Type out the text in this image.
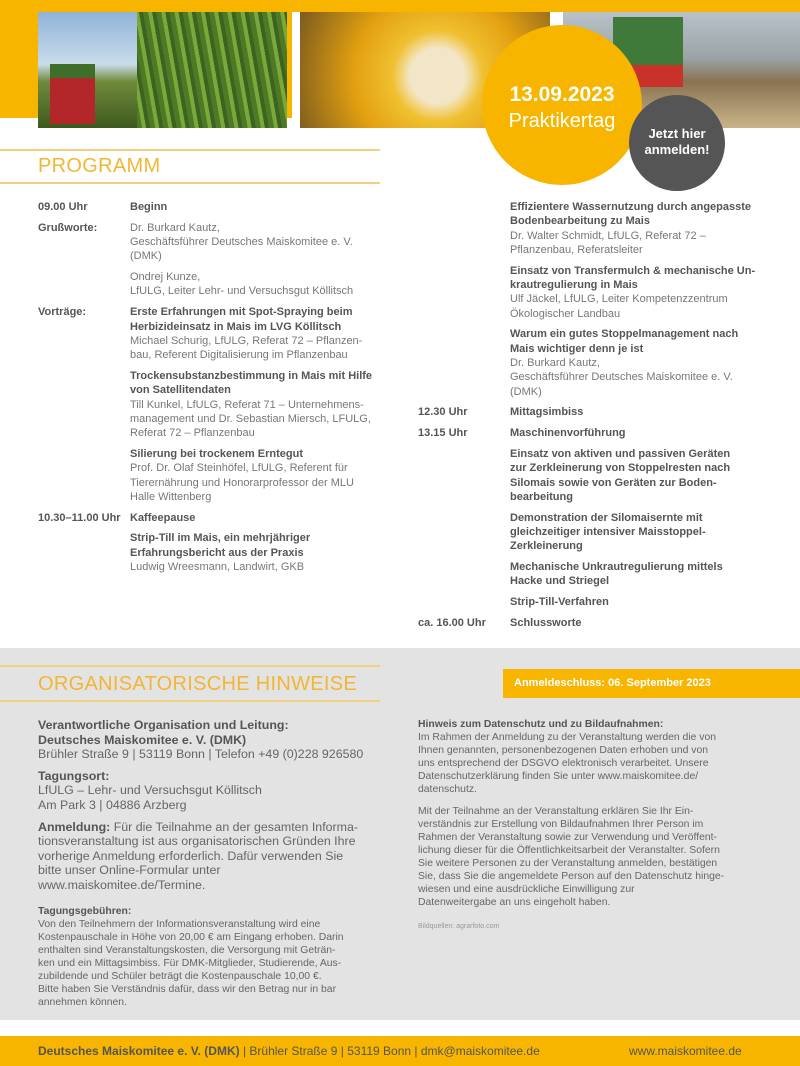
13.09.2023
Praktikertag
Jetzt hier
anmelden!
PROGRAMM
09.00 Uhr	Beginn
Grußworte:	Dr. Burkard Kautz,
Geschäftsführer Deutsches Maiskomitee e. V.
(DMK)
Ondrej Kunze,
LfULG, Leiter Lehr- und Versuchsgut Köllitsch
Vorträge:	Erste Erfahrungen mit Spot-Spraying beim
Herbizideinsatz in Mais im LVG Köllitsch
Michael Schurig, LfULG, Referat 72 – Pflanzen-
bau, Referent Digitalisierung im Pflanzenbau
Trockensubstanzbestimmung in Mais mit Hilfe
von Satellitendaten
Till Kunkel, LfULG, Referat 71 – Unternehmens-
management und Dr. Sebastian Miersch, LFULG,
Referat 72 – Pflanzenbau
Silierung bei trockenem Erntegut
Prof. Dr. Olaf Steinhöfel, LfULG, Referent für
Tierernährung und Honorarprofessor der MLU
Halle Wittenberg
10.30–11.00 Uhr Kaffeepause
Strip-Till im Mais, ein mehrjähriger
Erfahrungsbericht aus der Praxis
Ludwig Wreesmann, Landwirt, GKB
Effizientere Wassernutzung durch angepasste
Bodenbearbeitung zu Mais
Dr. Walter Schmidt, LfULG, Referat 72 –
Pflanzenbau, Referatsleiter
Einsatz von Transfermulch & mechanische Un-
krautregulierung in Mais
Ulf Jäckel, LfULG, Leiter Kompetenzzentrum
Ökologischer Landbau
Warum ein gutes Stoppelmanagement nach
Mais wichtiger denn je ist
Dr. Burkard Kautz,
Geschäftsführer Deutsches Maiskomitee e. V.
(DMK)
12.30 Uhr	Mittagsimbiss
13.15 Uhr	Maschinenvorführung
Einsatz von aktiven und passiven Geräten
zur Zerkleinerung von Stoppelresten nach
Silomais sowie von Geräten zur Boden-
bearbeitung
Demonstration der Silomaisernte mit
gleichzeitiger intensiver Maisstoppel-
Zerkleinerung
Mechanische Unkrautregulierung mittels
Hacke und Striegel
Strip-Till-Verfahren
ca. 16.00 Uhr	Schlussworte
ORGANISATORISCHE HINWEISE	Anmeldeschluss: 06. September 2023

Verantwortliche Organisation und Leitung:
Deutsches Maiskomitee e. V. (DMK)
Brühler Straße 9 | 53119 Bonn | Telefon +49 (0)228 926580

Tagungsort:
LfULG – Lehr- und Versuchsgut Köllitsch
Am Park 3 | 04886 Arzberg

Anmeldung: Für die Teilnahme an der gesamten Informa-
tionsveranstaltung ist aus organisatorischen Gründen Ihre
vorherige Anmeldung erforderlich. Dafür verwenden Sie
bitte unser Online-Formular unter
www.maiskomitee.de/Termine.

Tagungsgebühren:
Von den Teilnehmern der Informationsveranstaltung wird eine
Kostenpauschale in Höhe von 20,00 € am Eingang erhoben. Darin
enthalten sind Veranstaltungskosten, die Versorgung mit Geträn-
ken und ein Mittagsimbiss. Für DMK-Mitglieder, Studierende, Aus-
zubildende und Schüler beträgt die Kostenpauschale 10,00 €.
Bitte haben Sie Verständnis dafür, dass wir den Betrag nur in bar
annehmen können.

Hinweis zum Datenschutz und zu Bildaufnahmen:
Im Rahmen der Anmeldung zu der Veranstaltung werden die von
Ihnen genannten, personenbezogenen Daten erhoben und von
uns entsprechend der DSGVO elektronisch verarbeitet. Unsere
Datenschutzerklärung finden Sie unter www.maiskomitee.de/
datenschutz.

Mit der Teilnahme an der Veranstaltung erklären Sie Ihr Ein-
verständnis zur Erstellung von Bildaufnahmen Ihrer Person im
Rahmen der Veranstaltung sowie zur Verwendung und Veröffent-
lichung dieser für die Öffentlichkeitsarbeit der Veranstalter. Sofern
Sie weitere Personen zu der Veranstaltung anmelden, bestätigen
Sie, dass Sie die angemeldete Person auf den Datenschutz hinge-
wiesen und eine ausdrückliche Einwilligung zur
Datenweitergabe an uns eingeholt haben.

Bildquellen: agrarfoto.com
Deutsches Maiskomitee e. V. (DMK) | Brühler Straße 9 | 53119 Bonn | dmk@maiskomitee.de	www.maiskomitee.de
